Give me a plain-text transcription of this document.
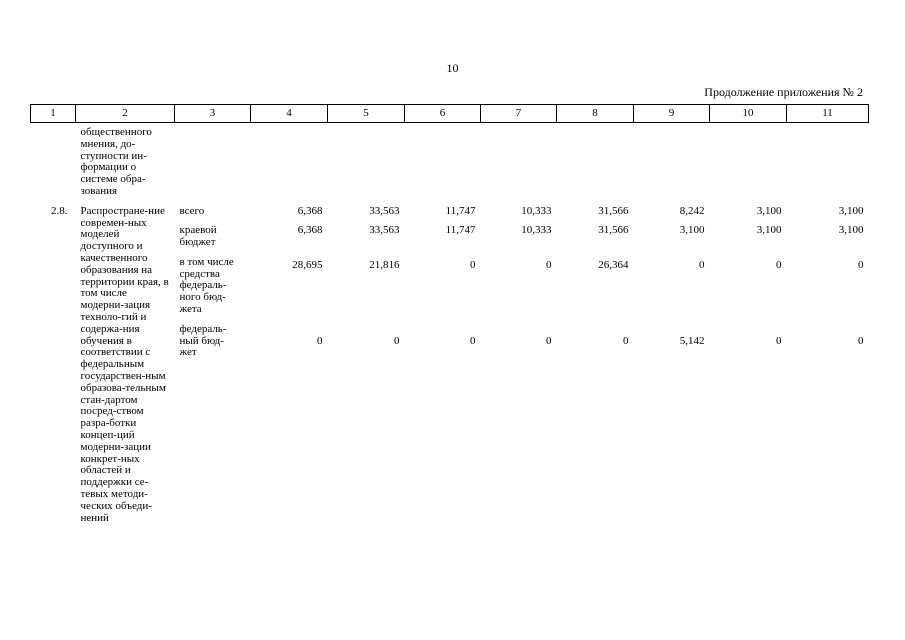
10
Продолжение приложения № 2
1	2	3	4	5	6	7	8	9	10	11

	общественного мнения, до-ступности ин-формации о системе обра-зования									

2.8.	Распростране-ние современ-ных моделей доступного и качественного образования на территории края, в том числе модерни-зация техноло-гий и содержа-ния обучения в соответствии с федеральным государствен-ным образова-тельным стан-дартом посред-ством разра-ботки концеп-ций модерни-зации конкрет-ных областей и поддержки се-тевых методи-ческих объеди-нений	всего	6,368	33,563	11,747	10,333	31,566	8,242	3,100	3,100

		краевой бюджет	6,368	33,563	11,747	10,333	31,566	3,100	3,100	3,100

		в том числе средства федераль-ного бюд-жета	28,695	21,816	0	0	26,364	0	0	0

		федераль-ный бюд-жет	0	0	0	0	0	5,142	0	0
